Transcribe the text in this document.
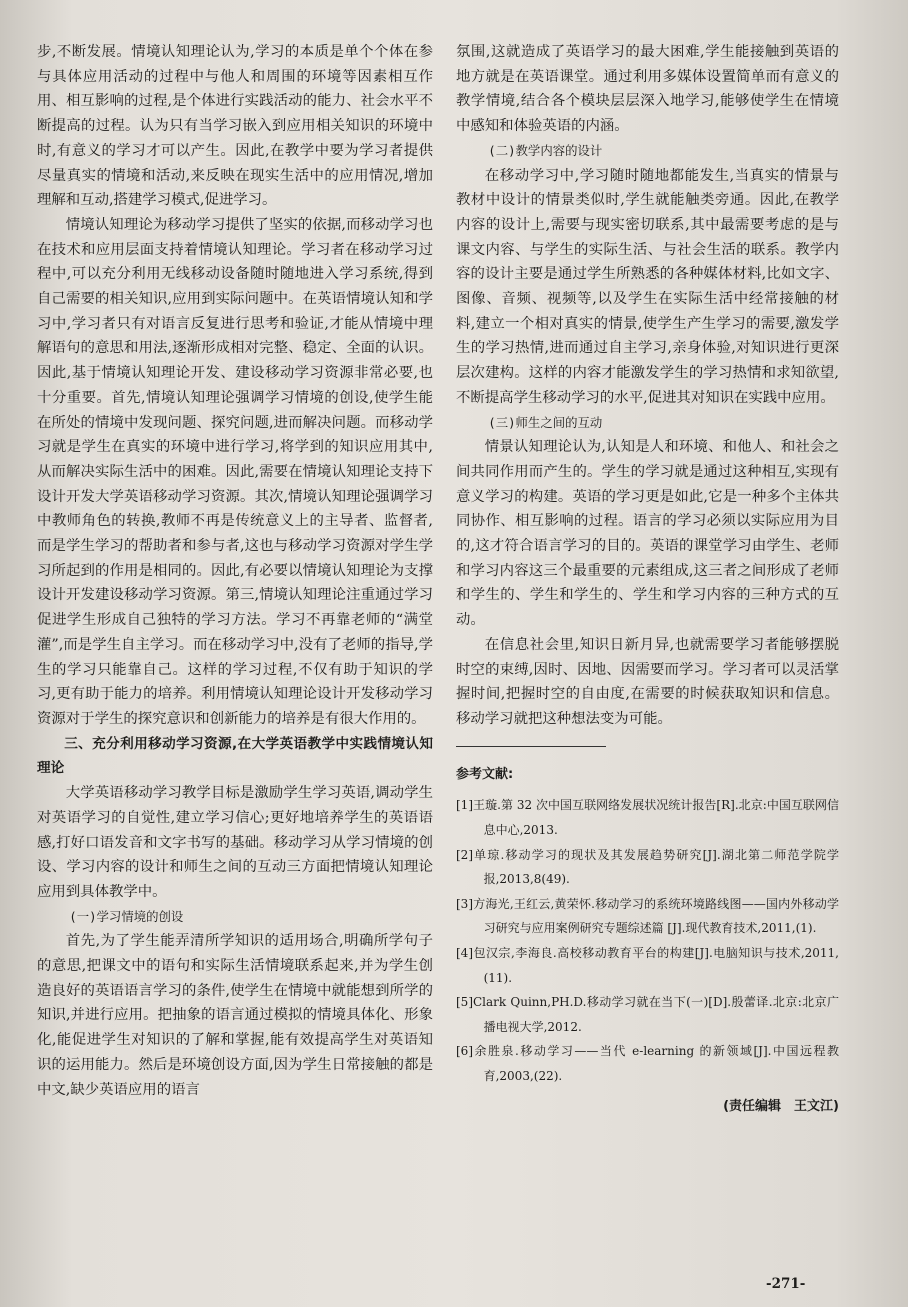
步,不断发展。情境认知理论认为,学习的本质是单个个体在参与具体应用活动的过程中与他人和周围的环境等因素相互作用、相互影响的过程,是个体进行实践活动的能力、社会水平不断提高的过程。认为只有当学习嵌入到应用相关知识的环境中时,有意义的学习才可以产生。因此,在教学中要为学习者提供尽量真实的情境和活动,来反映在现实生活中的应用情况,增加理解和互动,搭建学习模式,促进学习。

情境认知理论为移动学习提供了坚实的依据,而移动学习也在技术和应用层面支持着情境认知理论。学习者在移动学习过程中,可以充分利用无线移动设备随时随地进入学习系统,得到自己需要的相关知识,应用到实际问题中。在英语情境认知和学习中,学习者只有对语言反复进行思考和验证,才能从情境中理解语句的意思和用法,逐渐形成相对完整、稳定、全面的认识。因此,基于情境认知理论开发、建设移动学习资源非常必要,也十分重要。首先,情境认知理论强调学习情境的创设,使学生能在所处的情境中发现问题、探究问题,进而解决问题。而移动学习就是学生在真实的环境中进行学习,将学到的知识应用其中,从而解决实际生活中的困难。因此,需要在情境认知理论支持下设计开发大学英语移动学习资源。其次,情境认知理论强调学习中教师角色的转换,教师不再是传统意义上的主导者、监督者,而是学生学习的帮助者和参与者,这也与移动学习资源对学生学习所起到的作用是相同的。因此,有必要以情境认知理论为支撑设计开发建设移动学习资源。第三,情境认知理论注重通过学习促进学生形成自己独特的学习方法。学习不再靠老师的“满堂灌”,而是学生自主学习。而在移动学习中,没有了老师的指导,学生的学习只能靠自己。这样的学习过程,不仅有助于知识的学习,更有助于能力的培养。利用情境认知理论设计开发移动学习资源对于学生的探究意识和创新能力的培养是有很大作用的。

三、充分利用移动学习资源,在大学英语教学中实践情境认知理论

大学英语移动学习教学目标是激励学生学习英语,调动学生对英语学习的自觉性,建立学习信心;更好地培养学生的英语语感,打好口语发音和文字书写的基础。移动学习从学习情境的创设、学习内容的设计和师生之间的互动三方面把情境认知理论应用到具体教学中。

(一)学习情境的创设

首先,为了学生能弄清所学知识的适用场合,明确所学句子的意思,把课文中的语句和实际生活情境联系起来,并为学生创造良好的英语语言学习的条件,使学生在情境中就能想到所学的知识,并进行应用。把抽象的语言通过模拟的情境具体化、形象化,能促进学生对知识的了解和掌握,能有效提高学生对英语知识的运用能力。然后是环境创设方面,因为学生日常接触的都是中文,缺少英语应用的语言

氛围,这就造成了英语学习的最大困难,学生能接触到英语的地方就是在英语课堂。通过利用多媒体设置简单而有意义的教学情境,结合各个模块层层深入地学习,能够使学生在情境中感知和体验英语的内涵。

(二)教学内容的设计

在移动学习中,学习随时随地都能发生,当真实的情景与教材中设计的情景类似时,学生就能触类旁通。因此,在教学内容的设计上,需要与现实密切联系,其中最需要考虑的是与课文内容、与学生的实际生活、与社会生活的联系。教学内容的设计主要是通过学生所熟悉的各种媒体材料,比如文字、图像、音频、视频等,以及学生在实际生活中经常接触的材料,建立一个相对真实的情景,使学生产生学习的需要,激发学生的学习热情,进而通过自主学习,亲身体验,对知识进行更深层次建构。这样的内容才能激发学生的学习热情和求知欲望,不断提高学生移动学习的水平,促进其对知识在实践中应用。

(三)师生之间的互动

情景认知理论认为,认知是人和环境、和他人、和社会之间共同作用而产生的。学生的学习就是通过这种相互,实现有意义学习的构建。英语的学习更是如此,它是一种多个主体共同协作、相互影响的过程。语言的学习必须以实际应用为目的,这才符合语言学习的目的。英语的课堂学习由学生、老师和学习内容这三个最重要的元素组成,这三者之间形成了老师和学生的、学生和学生的、学生和学习内容的三种方式的互动。

在信息社会里,知识日新月异,也就需要学习者能够摆脱时空的束缚,因时、因地、因需要而学习。学习者可以灵活掌握时间,把握时空的自由度,在需要的时候获取知识和信息。移动学习就把这种想法变为可能。

参考文献:
[1]王璇.第 32 次中国互联网络发展状况统计报告[R].北京:中国互联网信息中心,2013.
[2]单琼.移动学习的现状及其发展趋势研究[J].湖北第二师范学院学报,2013,8(49).
[3]方海光,王红云,黄荣怀.移动学习的系统环境路线图——国内外移动学习研究与应用案例研究专题综述篇 [J].现代教育技术,2011,(1).
[4]包汉宗,李海良.高校移动教育平台的构建[J].电脑知识与技术,2011,(11).
[5]Clark Quinn,PH.D.移动学习就在当下(一)[D].殷蕾译.北京:北京广播电视大学,2012.
[6]余胜泉.移动学习——当代 e-learning 的新领域[J].中国远程教育,2003,(22).
(责任编辑　王文江)
-271-
